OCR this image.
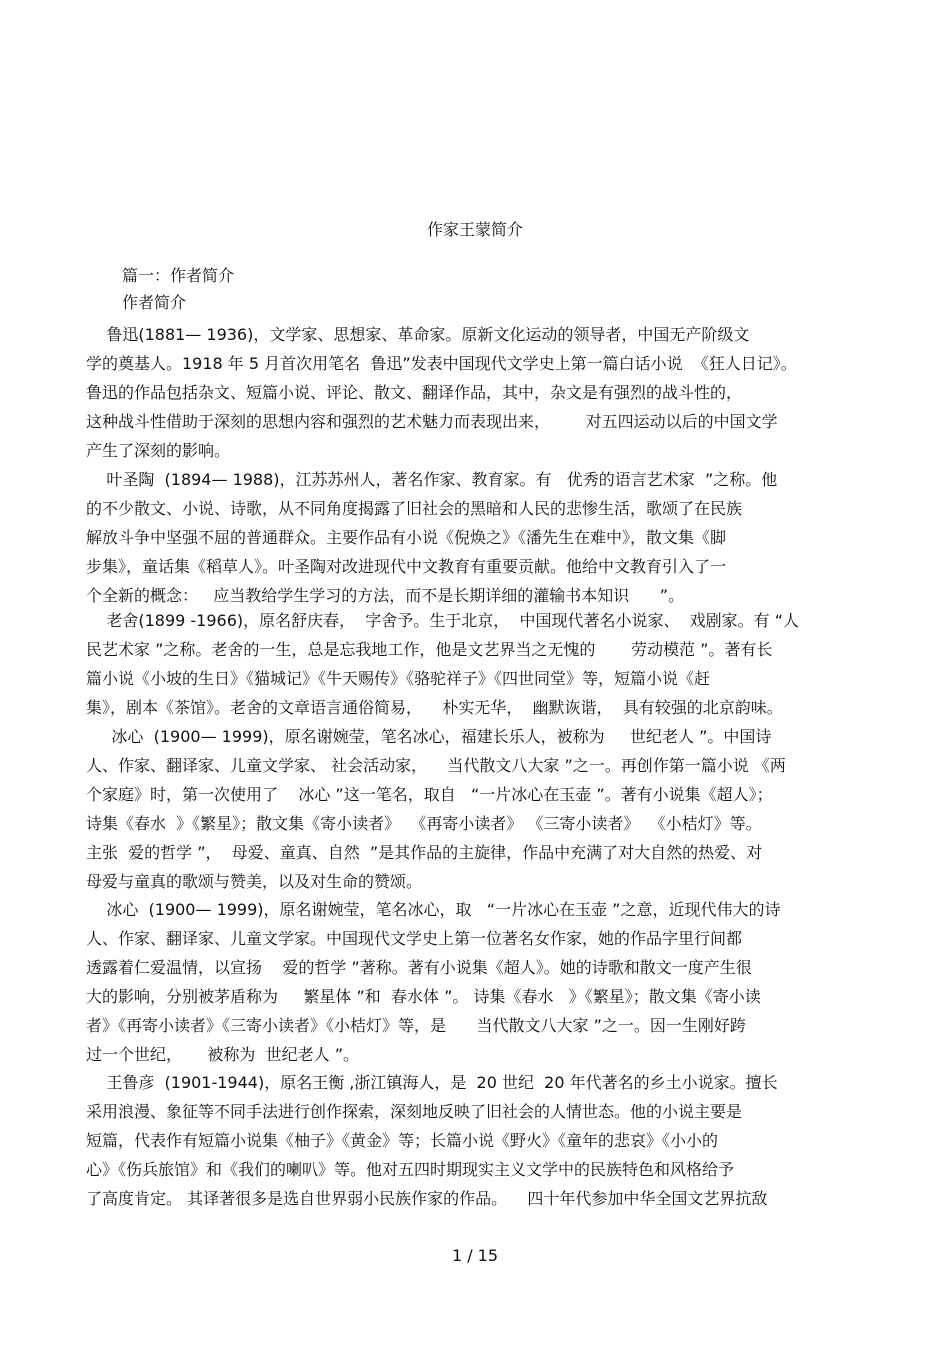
作家王蒙简介
篇一：作者简介
作者简介
鲁迅(1881— 1936)，文学家、思想家、革命家。原新文化运动的领导者，中国无产阶级文
学的奠基人。1918 年 5 月首次用笔名  鲁迅”发表中国现代文学史上第一篇白话小说  《狂人日记》。
鲁迅的作品包括杂文、短篇小说、评论、散文、翻译作品，其中，杂文是有强烈的战斗性的，
这种战斗性借助于深刻的思想内容和强烈的艺术魅力而表现出来，       对五四运动以后的中国文学
产生了深刻的影响。
叶圣陶  (1894— 1988)，江苏苏州人，著名作家、教育家。有   优秀的语言艺术家  ”之称。他
的不少散文、小说、诗歌，从不同角度揭露了旧社会的黑暗和人民的悲惨生活，歌颂了在民族
解放斗争中坚强不屈的普通群众。主要作品有小说《倪焕之》《潘先生在难中》，散文集《脚
步集》，童话集《稻草人》。叶圣陶对改进现代中文教育有重要贡献。他给中文教育引入了一
个全新的概念：   应当教给学生学习的方法，而不是长期详细的灌输书本知识      ”。
老舍(1899 -1966)，原名舒庆春，  字舍予。生于北京，  中国现代著名小说家、  戏剧家。有 “人
民艺术家 ”之称。老舍的一生，总是忘我地工作，他是文艺界当之无愧的       劳动模范 ”。著有长
篇小说《小坡的生日》《猫城记》《牛天赐传》《骆驼祥子》《四世同堂》等，短篇小说《赶
集》，剧本《茶馆》。老舍的文章语言通俗简易，    朴实无华，  幽默诙谐，  具有较强的北京韵味。
冰心  (1900— 1999)，原名谢婉莹，笔名冰心，福建长乐人，被称为     世纪老人 ”。中国诗
人、作家、翻译家、儿童文学家、 社会活动家，    当代散文八大家 ”之一。再创作第一篇小说 《两
个家庭》时，第一次使用了    冰心 ”这一笔名，取自   “一片冰心在玉壶 ”。著有小说集《超人》；
诗集《春水  》《繁星》；散文集《寄小读者》  《再寄小读者》 《三寄小读者》  《小桔灯》等。
主张  爱的哲学 ”，  母爱、童真、自然  ”是其作品的主旋律，作品中充满了对大自然的热爱、对
母爱与童真的歌颂与赞美，以及对生命的赞颂。
冰心  (1900— 1999)，原名谢婉莹，笔名冰心，取   “一片冰心在玉壶 ”之意，近现代伟大的诗
人、作家、翻译家、儿童文学家。中国现代文学史上第一位著名女作家，她的作品字里行间都
透露着仁爱温情，以宣扬    爱的哲学 ”著称。著有小说集《超人》。她的诗歌和散文一度产生很
大的影响，分别被茅盾称为     繁星体 ”和  春水体 ”。 诗集《春水   》《繁星》；散文集《寄小读
者》《再寄小读者》《三寄小读者》《小桔灯》等，是      当代散文八大家 ”之一。因一生刚好跨
过一个世纪，     被称为  世纪老人 ”。
王鲁彦  (1901-1944)，原名王衡 ,浙江镇海人，是  20 世纪  20 年代著名的乡土小说家。擅长
采用浪漫、象征等不同手法进行创作探索，深刻地反映了旧社会的人情世态。他的小说主要是
短篇，代表作有短篇小说集《柚子》《黄金》等；长篇小说《野火》《童年的悲哀》《小小的
心》《伤兵旅馆》和《我们的喇叭》等。他对五四时期现实主义文学中的民族特色和风格给予
了高度肯定。 其译著很多是选自世界弱小民族作家的作品。    四十年代参加中华全国文艺界抗敌
1 / 15
